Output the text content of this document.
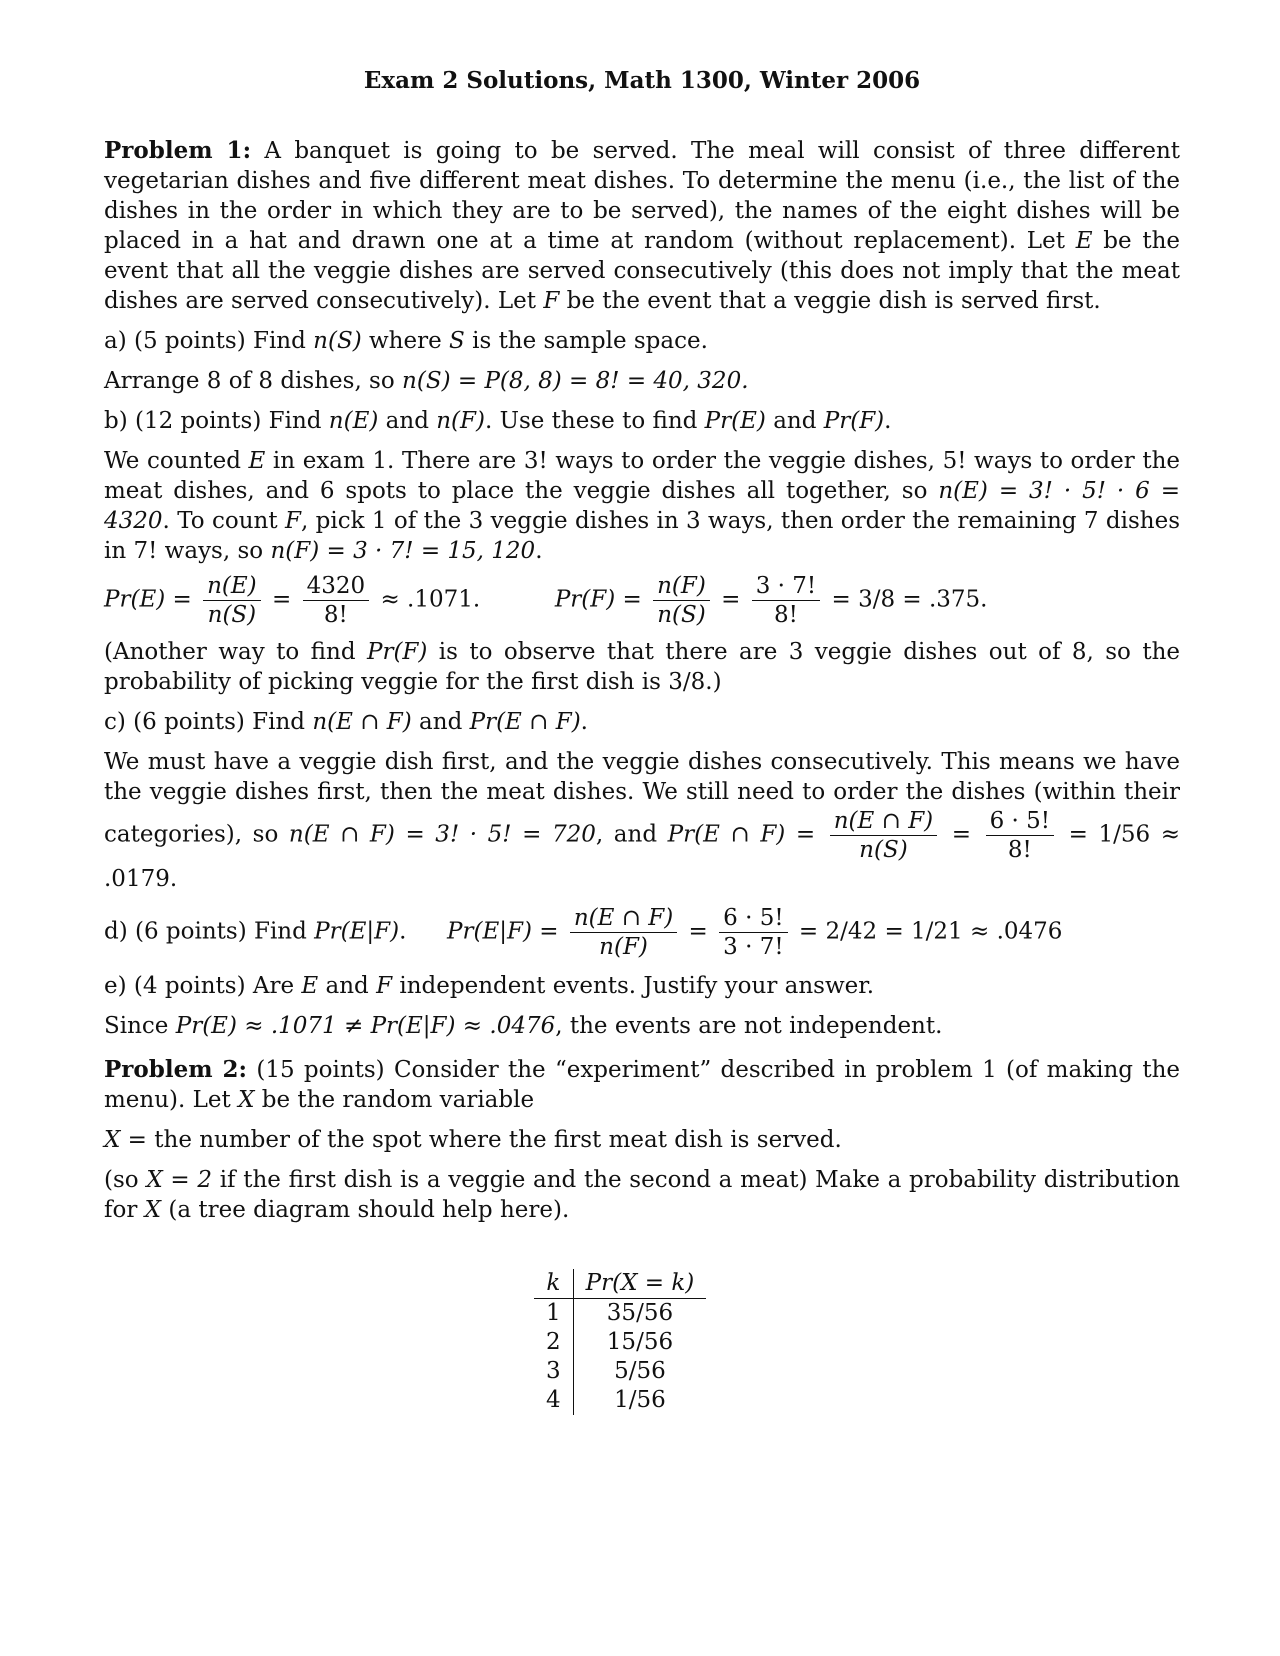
Exam 2 Solutions, Math 1300, Winter 2006

Problem 1: A banquet is going to be served. The meal will consist of three different vegetarian dishes and five different meat dishes. To determine the menu (i.e., the list of the dishes in the order in which they are to be served), the names of the eight dishes will be placed in a hat and drawn one at a time at random (without replacement). Let E be the event that all the veggie dishes are served consecutively (this does not imply that the meat dishes are served consecutively). Let F be the event that a veggie dish is served first.

a) (5 points) Find n(S) where S is the sample space.

Arrange 8 of 8 dishes, so n(S) = P(8, 8) = 8! = 40, 320.

b) (12 points) Find n(E) and n(F). Use these to find Pr(E) and Pr(F).

We counted E in exam 1. There are 3! ways to order the veggie dishes, 5! ways to order the meat dishes, and 6 spots to place the veggie dishes all together, so n(E) = 3! · 5! · 6 = 4320. To count F, pick 1 of the 3 veggie dishes in 3 ways, then order the remaining 7 dishes in 7! ways, so n(F) = 3 · 7! = 15, 120.

$Pr(E) = \frac{n(E)}{n(S)} = \frac{4320}{8!} \approx .1071$.	$Pr(F) = \frac{n(F)}{n(S)} = \frac{3 \cdot 7!}{8!} = 3/8 = .375$.

(Another way to find Pr(F) is to observe that there are 3 veggie dishes out of 8, so the probability of picking veggie for the first dish is 3/8.)

c) (6 points) Find n(E ∩ F) and Pr(E ∩ F).

We must have a veggie dish first, and the veggie dishes consecutively. This means we have the veggie dishes first, then the meat dishes. We still need to order the dishes (within their categories), so n(E ∩ F) = 3! · 5! = 720, and Pr(E ∩ $F) = \frac{n(E \cap F)}{n(S)} = \frac{6 \cdot 5!}{8!} = 1/56 \approx .0179$.

d) (6 points) Find Pr(E|F). $Pr(E|F) = \frac{n(E \cap F)}{n(F)} = \frac{6 \cdot 5!}{3 \cdot 7!} = 2/42 = 1/21 \approx .0476$

e) (4 points) Are E and F independent events. Justify your answer.

Since Pr(E) ≈ .1071 ≠ Pr(E|F) ≈ .0476, the events are not independent.

Problem 2: (15 points) Consider the “experiment” described in problem 1 (of making the menu). Let X be the random variable

X = the number of the spot where the first meat dish is served.

(so X = 2 if the first dish is a veggie and the second a meat) Make a probability distribution for X (a tree diagram should help here).

k	Pr(X = k)
1	35/56
2	15/56
3	5/56
4	1/56
